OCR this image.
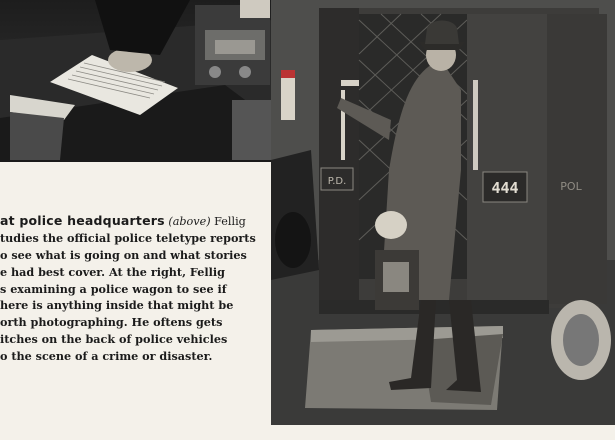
444
P.D.	POL
at police headquarters (above) Fellig
tudies the official police teletype reports
o see what is going on and what stories
e had best cover. At the right, Fellig
s examining a police wagon to see if
here is anything inside that might be
orth photographing. He oftens gets
itches on the back of police vehicles
o the scene of a crime or disaster.
